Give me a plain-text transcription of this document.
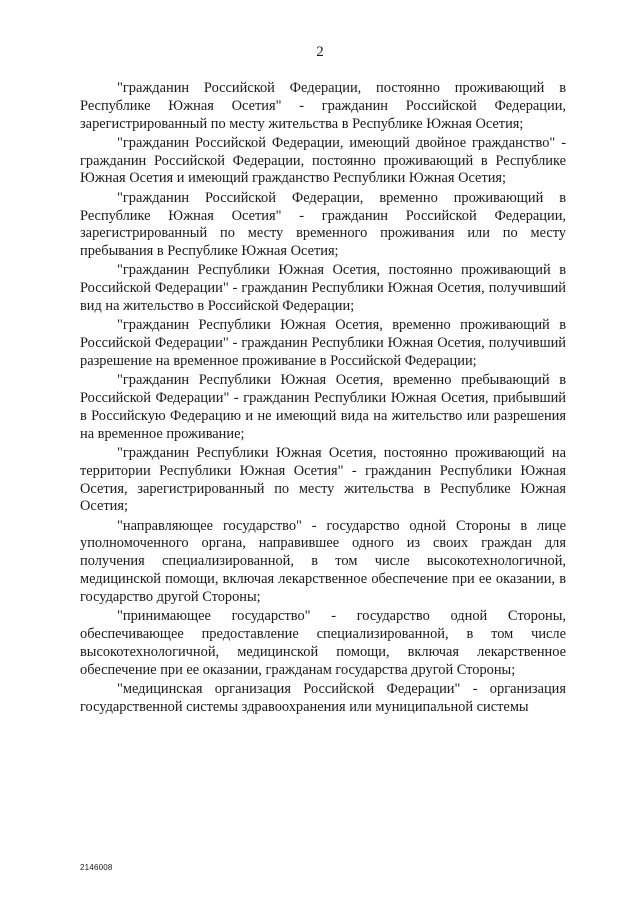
2

"гражданин Российской Федерации, постоянно проживающий в Республике Южная Осетия" - гражданин Российской Федерации, зарегистрированный по месту жительства в Республике Южная Осетия;

"гражданин Российской Федерации, имеющий двойное гражданство" - гражданин Российской Федерации, постоянно проживающий в Республике Южная Осетия и имеющий гражданство Республики Южная Осетия;

"гражданин Российской Федерации, временно проживающий в Республике Южная Осетия" - гражданин Российской Федерации, зарегистрированный по месту временного проживания или по месту пребывания в Республике Южная Осетия;

"гражданин Республики Южная Осетия, постоянно проживающий в Российской Федерации" - гражданин Республики Южная Осетия, получивший вид на жительство в Российской Федерации;

"гражданин Республики Южная Осетия, временно проживающий в Российской Федерации" - гражданин Республики Южная Осетия, получивший разрешение на временное проживание в Российской Федерации;

"гражданин Республики Южная Осетия, временно пребывающий в Российской Федерации" - гражданин Республики Южная Осетия, прибывший в Российскую Федерацию и не имеющий вида на жительство или разрешения на временное проживание;

"гражданин Республики Южная Осетия, постоянно проживающий на территории Республики Южная Осетия" - гражданин Республики Южная Осетия, зарегистрированный по месту жительства в Республике Южная Осетия;

"направляющее государство" - государство одной Стороны в лице уполномоченного органа, направившее одного из своих граждан для получения специализированной, в том числе высокотехнологичной, медицинской помощи, включая лекарственное обеспечение при ее оказании, в государство другой Стороны;

"принимающее государство" - государство одной Стороны, обеспечивающее предоставление специализированной, в том числе высокотехнологичной, медицинской помощи, включая лекарственное обеспечение при ее оказании, гражданам государства другой Стороны;

"медицинская организация Российской Федерации" - организация государственной системы здравоохранения или муниципальной системы

2146008
